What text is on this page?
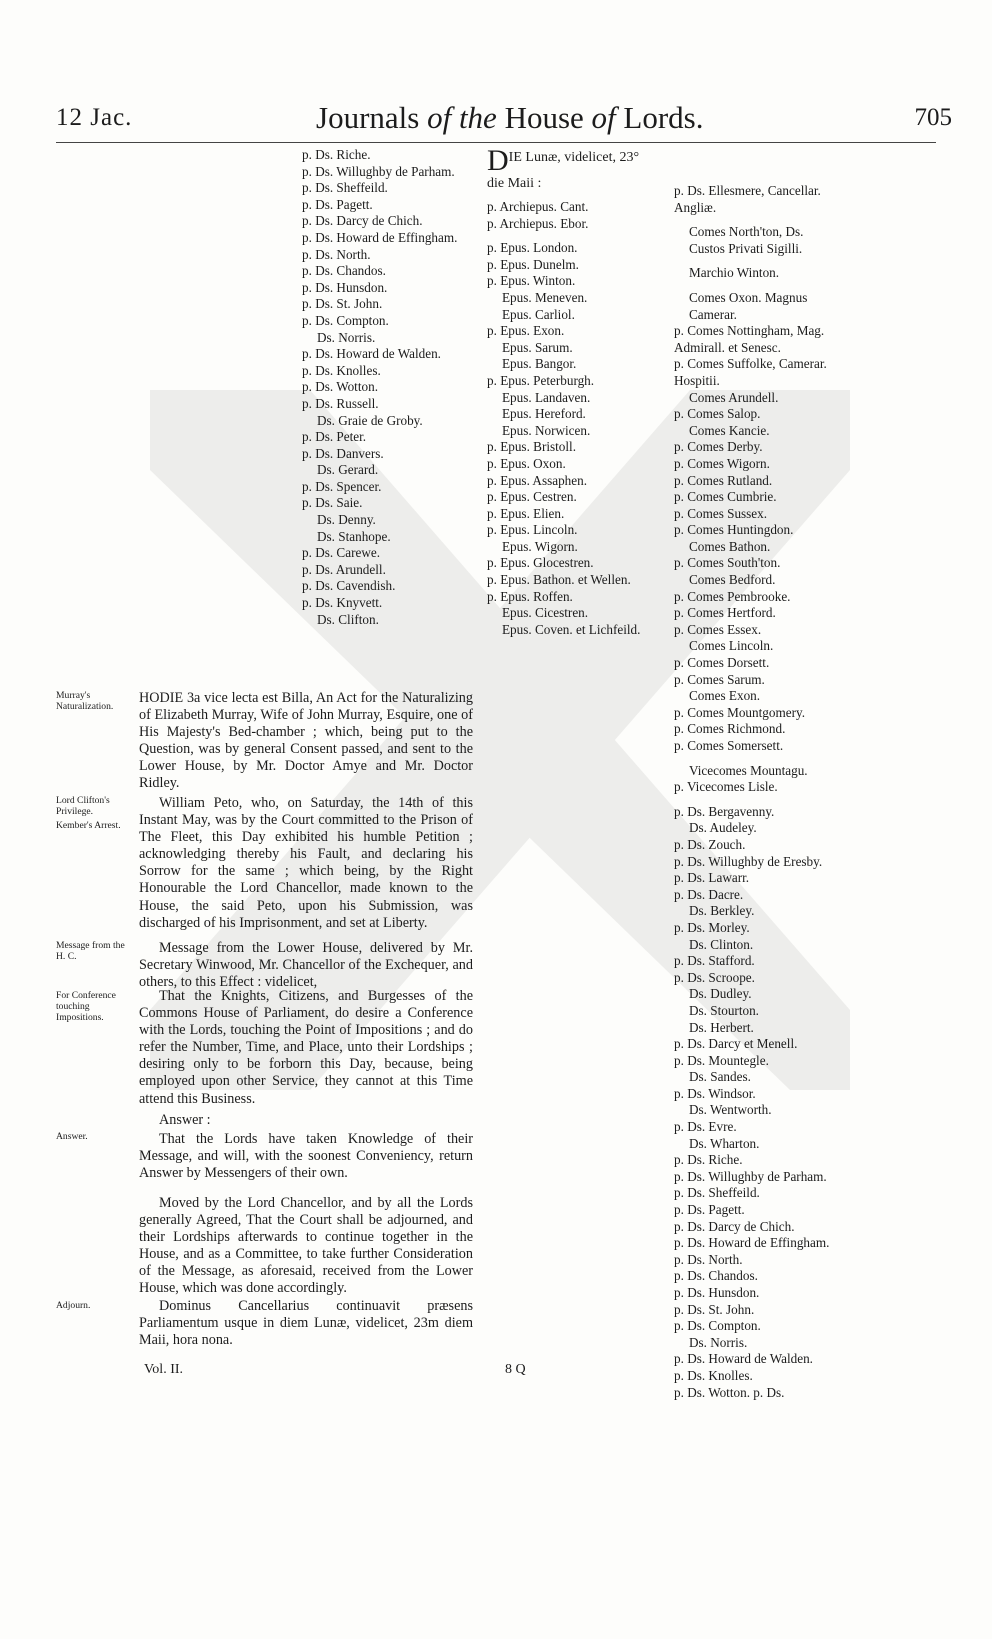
12 Jac.	Journals of the House of Lords.	705
p. Ds. Riche.
p. Ds. Willughby de Parham.
p. Ds. Sheffeild.
p. Ds. Pagett.
p. Ds. Darcy de Chich.
p. Ds. Howard de Effingham.
p. Ds. North.
p. Ds. Chandos.
p. Ds. Hunsdon.
p. Ds. St. John.
p. Ds. Compton.
Ds. Norris.
p. Ds. Howard de Walden.
p. Ds. Knolles.
p. Ds. Wotton.
p. Ds. Russell.
Ds. Graie de Groby.
p. Ds. Peter.
p. Ds. Danvers.
Ds. Gerard.
p. Ds. Spencer.
p. Ds. Saie.
Ds. Denny.
Ds. Stanhope.
p. Ds. Carewe.
p. Ds. Arundell.
p. Ds. Cavendish.
p. Ds. Knyvett.
Ds. Clifton.
DIE Lunæ, videlicet, 23° die Maii :
p. Archiepus. Cant.
p. Archiepus. Ebor.
p. Epus. London.
p. Epus. Dunelm.
p. Epus. Winton.
Epus. Meneven.
Epus. Carliol.
p. Epus. Exon.
Epus. Sarum.
Epus. Bangor.
p. Epus. Peterburgh.
Epus. Landaven.
Epus. Hereford.
Epus. Norwicen.
p. Epus. Bristoll.
p. Epus. Oxon.
p. Epus. Assaphen.
p. Epus. Cestren.
p. Epus. Elien.
p. Epus. Lincoln.
Epus. Wigorn.
p. Epus. Glocestren.
p. Epus. Bathon. et Wellen.
p. Epus. Roffen.
Epus. Cicestren.
Epus. Coven. et Lichfeild.
p. Ds. Ellesmere, Cancellar. Angliæ.
Comes North'ton, Ds. Custos Privati Sigilli.
Marchio Winton.
Comes Oxon. Magnus Camerar.
p. Comes Nottingham, Mag. Admirall. et Senesc.
p. Comes Suffolke, Camerar. Hospitii.
Comes Arundell.
p. Comes Salop.
Comes Kancie.
p. Comes Derby.
p. Comes Wigorn.
p. Comes Rutland.
p. Comes Cumbrie.
p. Comes Sussex.
p. Comes Huntingdon.
Comes Bathon.
p. Comes South'ton.
Comes Bedford.
p. Comes Pembrooke.
p. Comes Hertford.
p. Comes Essex.
Comes Lincoln.
p. Comes Dorsett.
p. Comes Sarum.
Comes Exon.
p. Comes Mountgomery.
p. Comes Richmond.
p. Comes Somersett.
Vicecomes Mountagu.
p. Vicecomes Lisle.
p. Ds. Bergavenny.
Ds. Audeley.
p. Ds. Zouch.
p. Ds. Willughby de Eresby.
p. Ds. Lawarr.
p. Ds. Dacre.
Ds. Berkley.
p. Ds. Morley.
Ds. Clinton.
p. Ds. Stafford.
p. Ds. Scroope.
Ds. Dudley.
Ds. Stourton.
Ds. Herbert.
p. Ds. Darcy et Menell.
p. Ds. Mountegle.
Ds. Sandes.
p. Ds. Windsor.
Ds. Wentworth.
p. Ds. Evre.
Ds. Wharton.
p. Ds. Riche.
p. Ds. Willughby de Parham.
p. Ds. Sheffeild.
p. Ds. Pagett.
p. Ds. Darcy de Chich.
p. Ds. Howard de Effingham.
p. Ds. North.
p. Ds. Chandos.
p. Ds. Hunsdon.
p. Ds. St. John.
p. Ds. Compton.
Ds. Norris.
p. Ds. Howard de Walden.
p. Ds. Knolles.
p. Ds. Wotton. p. Ds.
Murray's Naturalization.
Lord Clifton's Privilege.
Kember's Arrest.
Message from the H. C.
For Conference touching Impositions.
Answer.
Adjourn.
HODIE 3a vice lecta est Billa, An Act for the Naturalizing of Elizabeth Murray, Wife of John Murray, Esquire, one of His Majesty's Bed-chamber ; which, being put to the Question, was by general Consent passed, and sent to the Lower House, by Mr. Doctor Amye and Mr. Doctor Ridley.
William Peto, who, on Saturday, the 14th of this Instant May, was by the Court committed to the Prison of The Fleet, this Day exhibited his humble Petition ; acknowledging thereby his Fault, and declaring his Sorrow for the same ; which being, by the Right Honourable the Lord Chancellor, made known to the House, the said Peto, upon his Submission, was discharged of his Imprisonment, and set at Liberty.
Message from the Lower House, delivered by Mr. Secretary Winwood, Mr. Chancellor of the Exchequer, and others, to this Effect : videlicet,
That the Knights, Citizens, and Burgesses of the Commons House of Parliament, do desire a Conference with the Lords, touching the Point of Impositions ; and do refer the Number, Time, and Place, unto their Lordships ; desiring only to be forborn this Day, because, being employed upon other Service, they cannot at this Time attend this Business.
Answer :
That the Lords have taken Knowledge of their Message, and will, with the soonest Conveniency, return Answer by Messengers of their own.
Moved by the Lord Chancellor, and by all the Lords generally Agreed, That the Court shall be adjourned, and their Lordships afterwards to continue together in the House, and as a Committee, to take further Consideration of the Message, as aforesaid, received from the Lower House, which was done accordingly.
Dominus Cancellarius continuavit præsens Parliamentum usque in diem Lunæ, videlicet, 23m diem Maii, hora nona.
Vol. II.	8 Q
